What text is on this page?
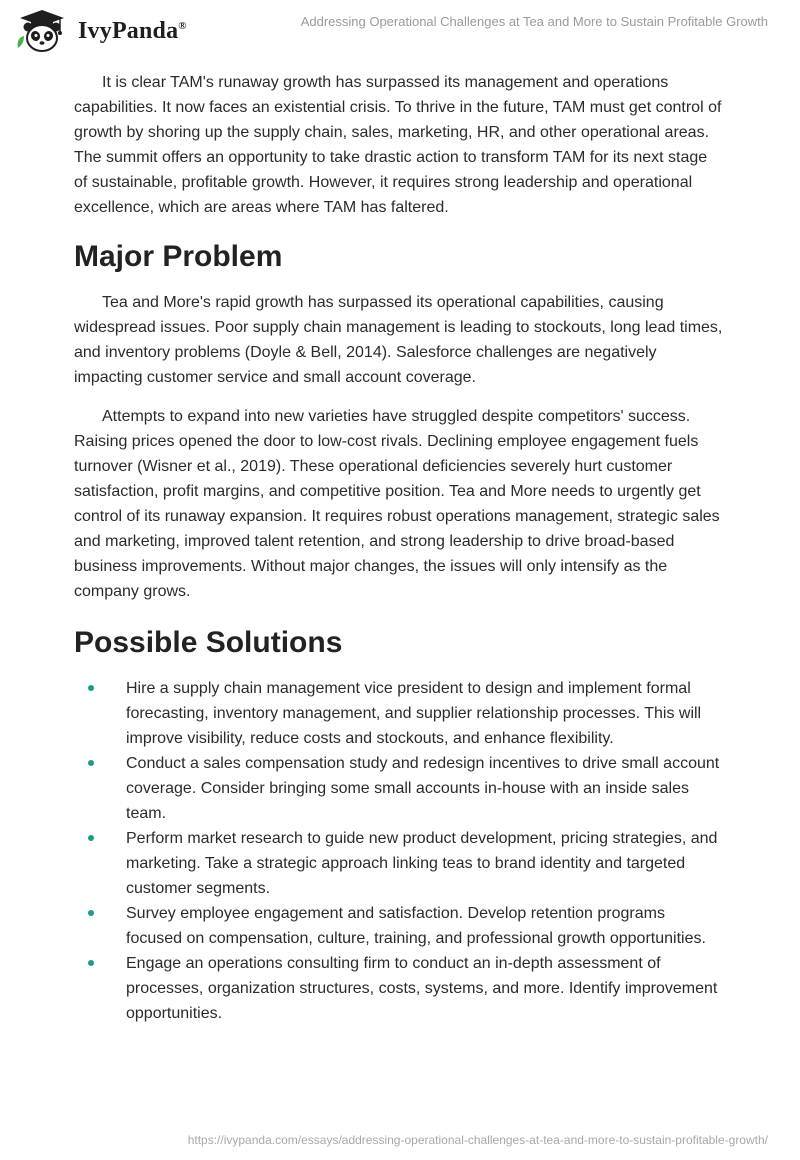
IvyPanda®	Addressing Operational Challenges at Tea and More to Sustain Profitable Growth

It is clear TAM's runaway growth has surpassed its management and operations capabilities. It now faces an existential crisis. To thrive in the future, TAM must get control of growth by shoring up the supply chain, sales, marketing, HR, and other operational areas. The summit offers an opportunity to take drastic action to transform TAM for its next stage of sustainable, profitable growth. However, it requires strong leadership and operational excellence, which are areas where TAM has faltered.

Major Problem

Tea and More's rapid growth has surpassed its operational capabilities, causing widespread issues. Poor supply chain management is leading to stockouts, long lead times, and inventory problems (Doyle & Bell, 2014). Salesforce challenges are negatively impacting customer service and small account coverage.

Attempts to expand into new varieties have struggled despite competitors' success. Raising prices opened the door to low-cost rivals. Declining employee engagement fuels turnover (Wisner et al., 2019). These operational deficiencies severely hurt customer satisfaction, profit margins, and competitive position. Tea and More needs to urgently get control of its runaway expansion. It requires robust operations management, strategic sales and marketing, improved talent retention, and strong leadership to drive broad-based business improvements. Without major changes, the issues will only intensify as the company grows.

Possible Solutions
Hire a supply chain management vice president to design and implement formal forecasting, inventory management, and supplier relationship processes. This will improve visibility, reduce costs and stockouts, and enhance flexibility.
Conduct a sales compensation study and redesign incentives to drive small account coverage. Consider bringing some small accounts in-house with an inside sales team.
Perform market research to guide new product development, pricing strategies, and marketing. Take a strategic approach linking teas to brand identity and targeted customer segments.
Survey employee engagement and satisfaction. Develop retention programs focused on compensation, culture, training, and professional growth opportunities.
Engage an operations consulting firm to conduct an in-depth assessment of processes, organization structures, costs, systems, and more. Identify improvement opportunities.
https://ivypanda.com/essays/addressing-operational-challenges-at-tea-and-more-to-sustain-profitable-growth/
